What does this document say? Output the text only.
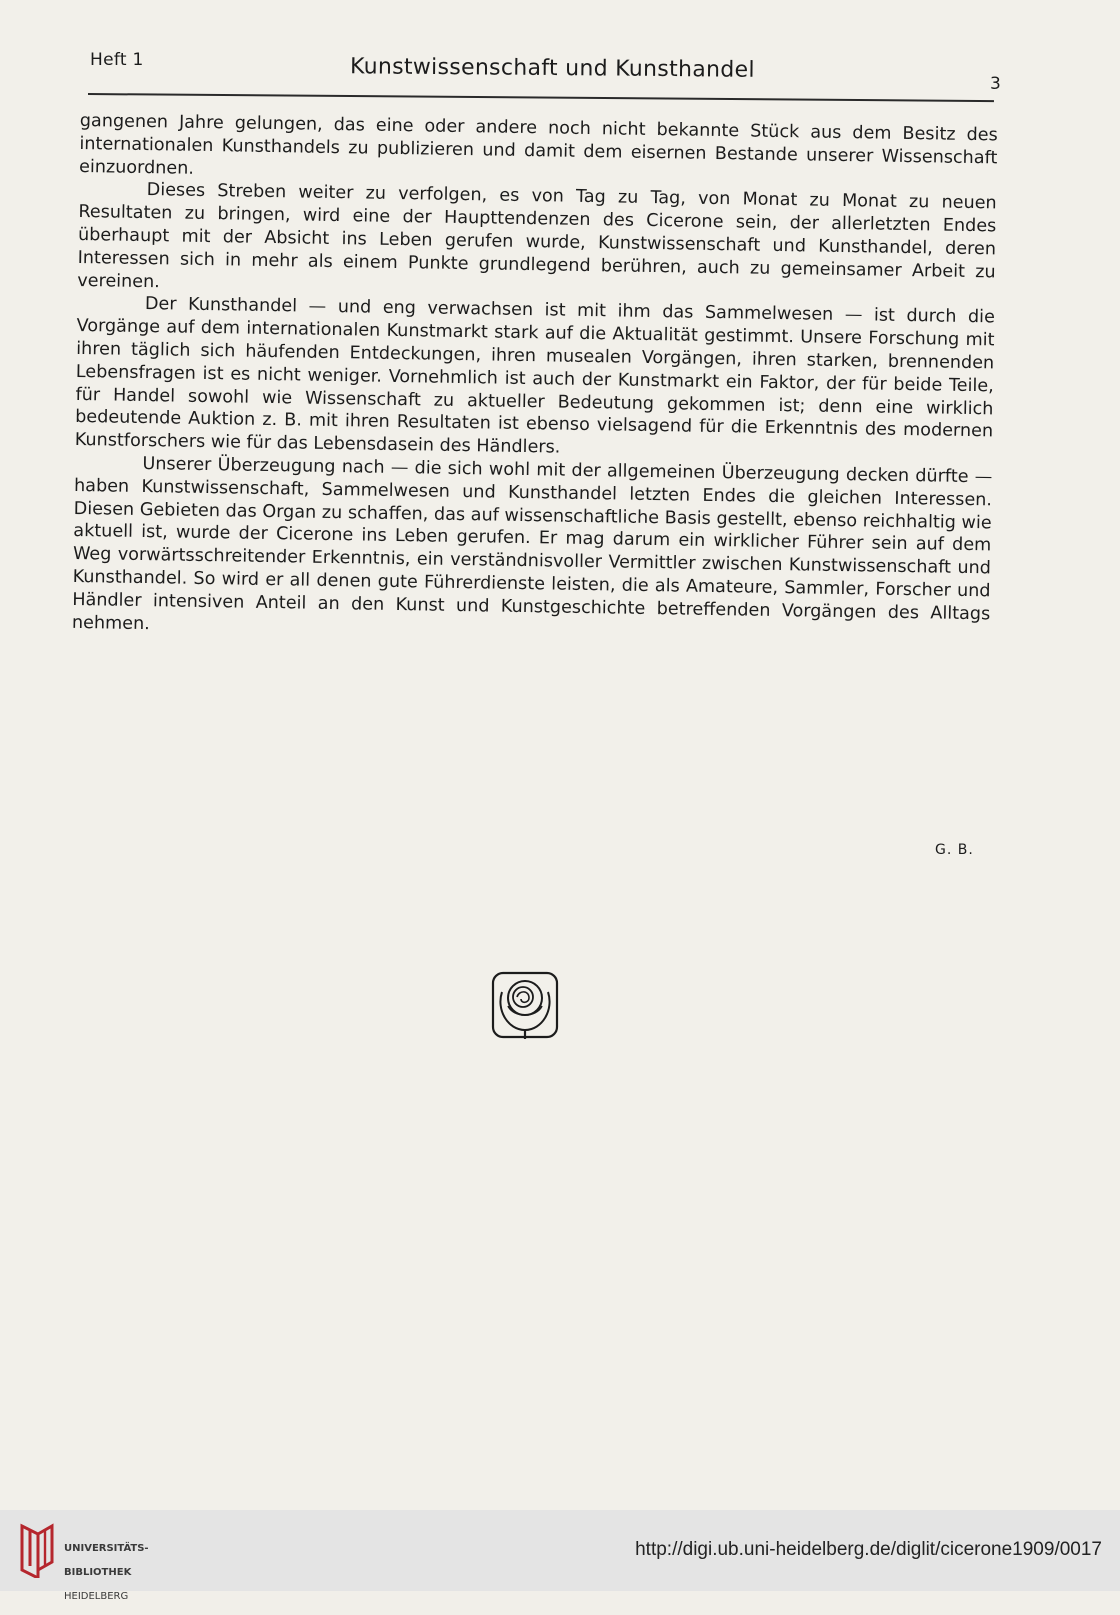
Heft 1	Kunstwissenschaft und Kunsthandel
3

gangenen Jahre gelungen, das eine oder andere noch nicht bekannte Stück aus dem Besitz des internationalen Kunsthandels zu publizieren und damit dem eisernen Bestande unserer Wissenschaft einzuordnen.

Dieses Streben weiter zu verfolgen, es von Tag zu Tag, von Monat zu Monat zu neuen Resultaten zu bringen, wird eine der Haupttendenzen des Cicerone sein, der allerletzten Endes überhaupt mit der Absicht ins Leben gerufen wurde, Kunstwissenschaft und Kunsthandel, deren Interessen sich in mehr als einem Punkte grundlegend berühren, auch zu gemeinsamer Arbeit zu vereinen.

Der Kunsthandel — und eng verwachsen ist mit ihm das Sammelwesen — ist durch die Vorgänge auf dem internationalen Kunstmarkt stark auf die Aktualität gestimmt. Unsere Forschung mit ihren täglich sich häufenden Entdeckungen, ihren musealen Vorgängen, ihren starken, brennenden Lebensfragen ist es nicht weniger. Vornehmlich ist auch der Kunstmarkt ein Faktor, der für beide Teile, für Handel sowohl wie Wissenschaft zu aktueller Bedeutung gekommen ist; denn eine wirklich bedeutende Auktion z. B. mit ihren Resultaten ist ebenso vielsagend für die Erkenntnis des modernen Kunstforschers wie für das Lebensdasein des Händlers.

Unserer Überzeugung nach — die sich wohl mit der allgemeinen Überzeugung decken dürfte — haben Kunstwissenschaft, Sammelwesen und Kunsthandel letzten Endes die gleichen Interessen. Diesen Gebieten das Organ zu schaffen, das auf wissenschaftliche Basis gestellt, ebenso reichhaltig wie aktuell ist, wurde der Cicerone ins Leben gerufen. Er mag darum ein wirklicher Führer sein auf dem Weg vorwärtsschreitender Erkenntnis, ein verständnisvoller Vermittler zwischen Kunstwissenschaft und Kunsthandel. So wird er all denen gute Führerdienste leisten, die als Amateure, Sammler, Forscher und Händler intensiven Anteil an den Kunst und Kunstgeschichte betreffenden Vorgängen des Alltags nehmen.

G. B.

UNIVERSITÄTS-

BIBLIOTHEK

HEIDELBERG

http://digi.ub.uni-heidelberg.de/diglit/cicerone1909/0017
